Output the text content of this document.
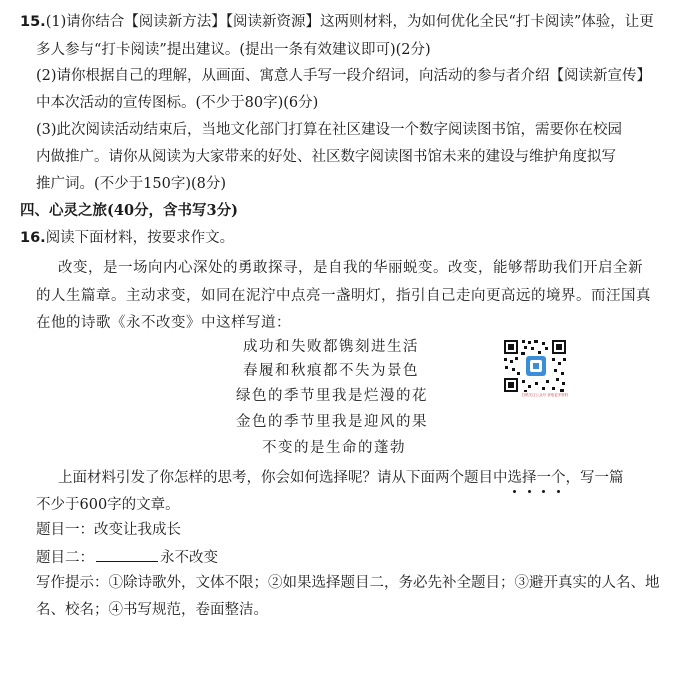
15.(1)请你结合【阅读新方法】【阅读新资源】这两则材料，为如何优化全民“打卡阅读”体验，让更
多人参与“打卡阅读”提出建议。(提出一条有效建议即可)(2分)
(2)请你根据自己的理解，从画面、寓意人手写一段介绍词，向活动的参与者介绍【阅读新宣传】
中本次活动的宣传图标。(不少于80字)(6分)
(3)此次阅读活动结束后，当地文化部门打算在社区建设一个数字阅读图书馆，需要你在校园
内做推广。请你从阅读为大家带来的好处、社区数字阅读图书馆未来的建设与维护角度拟写
推广词。(不少于150字)(8分)
四、心灵之旅(40分，含书写3分)
16.阅读下面材料，按要求作文。
改变，是一场向内心深处的勇敢探寻，是自我的华丽蜕变。改变，能够帮助我们开启全新
的人生篇章。主动求变，如同在泥泞中点亮一盏明灯，指引自己走向更高远的境界。而汪国真
在他的诗歌《永不改变》中这样写道：
成功和失败都镌刻进生活
春履和秋痕都不失为景色
绿色的季节里我是烂漫的花
金色的季节里我是迎风的果
不变的是生命的蓬勃
扫码关注公众号 获取更多资料
上面材料引发了你怎样的思考，你会如何选择呢？请从下面两个题目中选择一个，写一篇
不少于600字的文章。
题目一：改变让我成长
题目二：	永不改变
写作提示：①除诗歌外，文体不限；②如果选择题目二，务必先补全题目；③避开真实的人名、地
名、校名；④书写规范，卷面整洁。
